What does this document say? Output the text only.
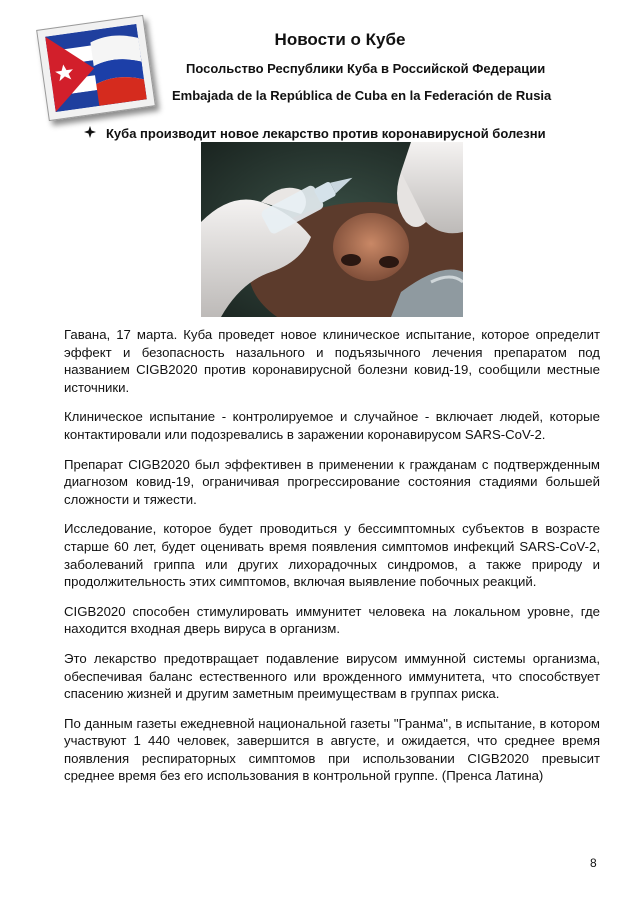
Новости о Кубе
Посольство Республики Куба в Российской Федерации
Embajada de la República de Cuba en la Federación de Rusia
Куба производит новое лекарство против коронавирусной болезни

Гавана, 17 марта. Куба проведет новое клиническое испытание, которое определит эффект и безопасность назального и подъязычного лечения препаратом под названием CIGB2020 против коронавирусной болезни ковид-19, сообщили местные источники.

Клиническое испытание - контролируемое и случайное - включает людей, которые контактировали или подозревались в заражении коронавирусом SARS-CoV-2.

Препарат CIGB2020 был эффективен в применении к гражданам с подтвержденным диагнозом ковид-19, ограничивая прогрессирование состояния стадиями большей сложности и тяжести.

Исследование, которое будет проводиться у бессимптомных субъектов в возрасте старше 60 лет, будет оценивать время появления симптомов инфекций SARS-CoV-2, заболеваний гриппа или других лихорадочных синдромов, а также природу и продолжительность этих симптомов, включая выявление побочных реакций.

CIGB2020 способен стимулировать иммунитет человека на локальном уровне, где находится входная дверь вируса в организм.

Это лекарство предотвращает подавление вирусом иммунной системы организма, обеспечивая баланс естественного или врожденного иммунитета, что способствует спасению жизней и другим заметным преимуществам в группах риска.

По данным газеты ежедневной национальной газеты "Гранма", в испытание, в котором участвуют 1 440 человек, завершится в августе, и ожидается, что среднее время появления респираторных симптомов при использовании CIGB2020 превысит среднее время без его использования в контрольной группе. (Пренса Латина)

8
